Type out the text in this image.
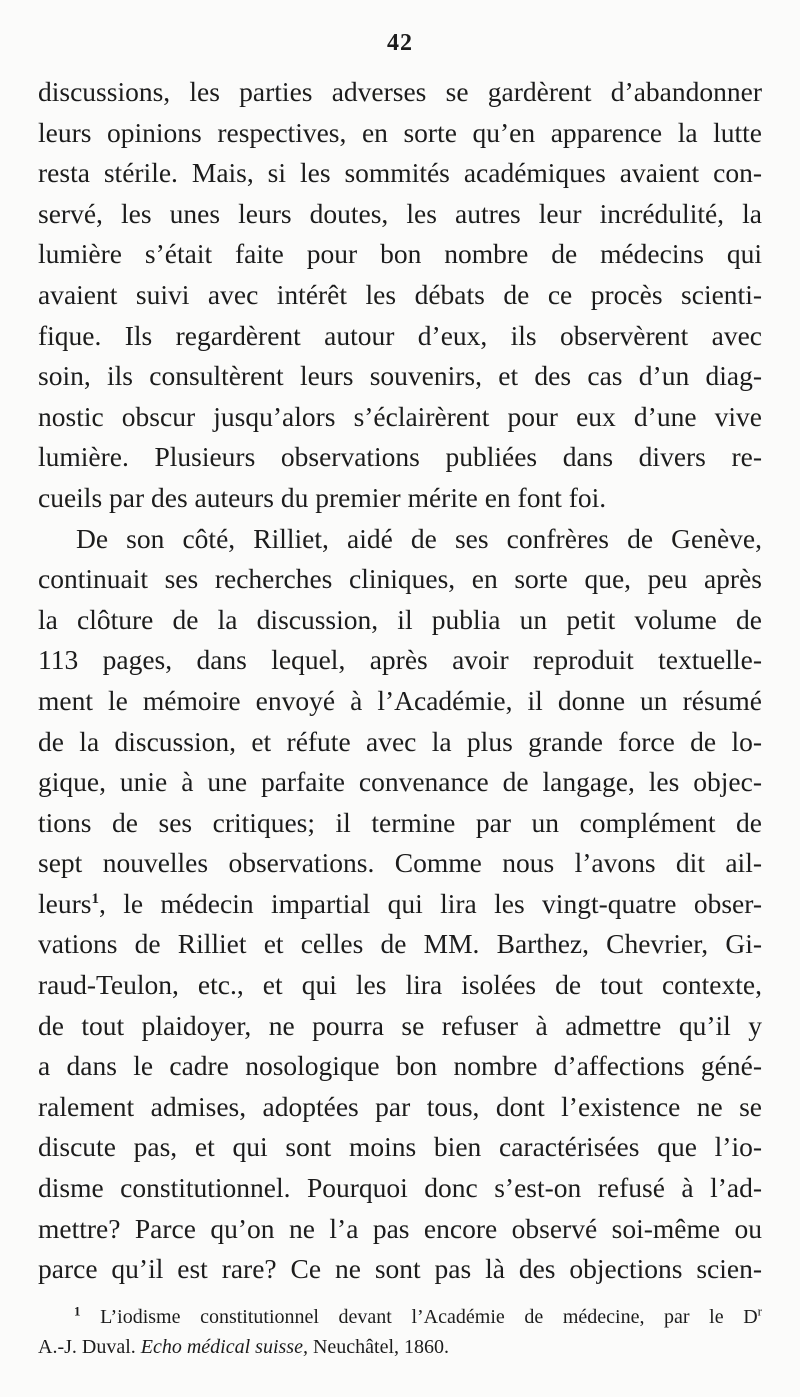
42
discussions, les parties adverses se gardèrent d’abandonner
leurs opinions respectives, en sorte qu’en apparence la lutte
resta stérile. Mais, si les sommités académiques avaient con-
servé, les unes leurs doutes, les autres leur incrédulité, la
lumière s’était faite pour bon nombre de médecins qui
avaient suivi avec intérêt les débats de ce procès scienti-
fique. Ils regardèrent autour d’eux, ils observèrent avec
soin, ils consultèrent leurs souvenirs, et des cas d’un diag-
nostic obscur jusqu’alors s’éclairèrent pour eux d’une vive
lumière. Plusieurs observations publiées dans divers re-
cueils par des auteurs du premier mérite en font foi.
De son côté, Rilliet, aidé de ses confrères de Genève,
continuait ses recherches cliniques, en sorte que, peu après
la clôture de la discussion, il publia un petit volume de
113 pages, dans lequel, après avoir reproduit textuelle-
ment le mémoire envoyé à l’Académie, il donne un résumé
de la discussion, et réfute avec la plus grande force de lo-
gique, unie à une parfaite convenance de langage, les objec-
tions de ses critiques; il termine par un complément de
sept nouvelles observations. Comme nous l’avons dit ail-
leurs$^1$, le médecin impartial qui lira les vingt-quatre obser-
vations de Rilliet et celles de MM. Barthez, Chevrier, Gi-
raud-Teulon, etc., et qui les lira isolées de tout contexte,
de tout plaidoyer, ne pourra se refuser à admettre qu’il y
a dans le cadre nosologique bon nombre d’affections géné-
ralement admises, adoptées par tous, dont l’existence ne se
discute pas, et qui sont moins bien caractérisées que l’io-
disme constitutionnel. Pourquoi donc s’est-on refusé à l’ad-
mettre? Parce qu’on ne l’a pas encore observé soi-même ou
parce qu’il est rare? Ce ne sont pas là des objections scien-
$^1$ L’iodisme constitutionnel devant l’Académie de médecine, par le $D^r$
A.-J. Duval. Echo médical suisse, Neuchâtel, 1860.
